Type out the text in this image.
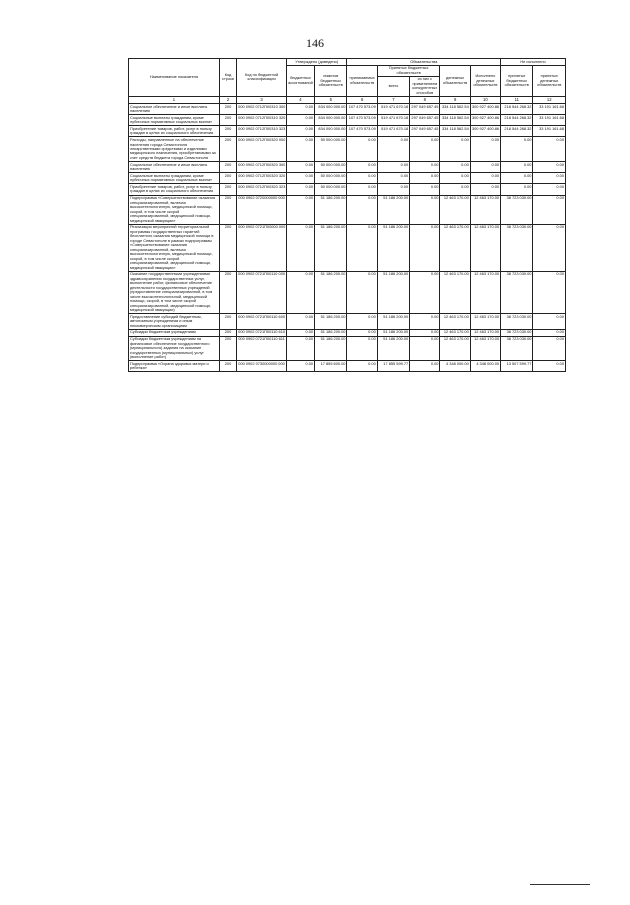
146
Наименование показателя	Код строки	Код по бюджетной классификации	Утверждено (доведено)		Обязательства					Не исполнено	
			бюджетных ассигнований	лимитов бюджетных обязательств	принимаемых обязательств	Принятых бюджетных обязательств		денежных обязательств	Исполнено денежных обязательств	принятых бюджетных обязательств	принятых денежных обязательств
						всего	из них с применением конкурентных способов				
1	2	3	4	5	6	7	8	9	10	11	12
Социальное обеспечение и иные выплаты населению	200	000 0902 0712П00310 300	0.00	834 000 000.00	107 470 573.09	519 471 670.18	297 049 657.45	334 118 562.54	300 927 400.86	218 544 268.32	33 191 161.68
Социальные выплаты гражданам, кроме публичных нормативных социальных выплат	200	000 0902 0712П00310 320	0.00	834 000 000.00	107 470 573.09	519 471 670.18	297 049 657.45	334 118 562.54	300 927 400.86	218 544 268.32	33 191 161.68
Приобретение товаров, работ, услуг в пользу граждан в целях их социального обеспечения	200	000 0902 0712П00310 323	0.00	834 000 000.00	107 470 573.09	519 471 670.18	297 049 657.45	334 118 562.54	300 927 400.86	218 544 268.32	33 191 161.68
Расходы, направленные на обеспечение населения города Севастополя лекарственными средствами и изделиями медицинского назначения, приобретаемыми за счет средств бюджета города Севастополя	200	000 0902 0712П00320 000	0.00	50 000 000.00	0.00	0.00	0.00	0.00	0.00	0.00	0.00
Социальное обеспечение и иные выплаты населению	200	000 0902 0712П00320 300	0.00	50 000 000.00	0.00	0.00	0.00	0.00	0.00	0.00	0.00
Социальные выплаты гражданам, кроме публичных нормативных социальных выплат	200	000 0902 0712П00320 320	0.00	50 000 000.00	0.00	0.00	0.00	0.00	0.00	0.00	0.00
Приобретение товаров, работ, услуг в пользу граждан в целях их социального обеспечения	200	000 0902 0712П00320 323	0.00	50 000 000.00	0.00	0.00	0.00	0.00	0.00	0.00	0.00
Подпрограмма «Совершенствование оказания специализированной, включая высокотехнологичную, медицинской помощи, скорой, в том числе скорой специализированной, медицинской помощи, медицинской эвакуации»	200	000 0902 0720000000 000	0.00	51 186 200.00	0.00	51 186 200.00	0.00	12 463 170.00	12 463 170.00	38 723 030.00	0.00
Реализация мероприятий территориальной программы государственных гарантий бесплатного оказания медицинской помощи в городе Севастополе в рамках подпрограммы «Совершенствование оказания специализированной, включая высокотехнологичную, медицинской помощи, скорой, в том числе скорой специализированной, медицинской помощи, медицинской эвакуации»	200	000 0902 0721П00000 000	0.00	51 186 200.00	0.00	51 186 200.00	0.00	12 463 170.00	12 463 170.00	38 723 030.00	0.00
Оказание государственными учреждениями здравоохранения государственных услуг, выполнение работ, финансовое обеспечение деятельности государственных учреждений (предоставление специализированной, в том числе высокотехнологичной, медицинской помощи, скорой, в том числе скорой специализированной, медицинской помощи, медицинской эвакуации)	200	000 0902 0721П00110 000	0.00	51 186 200.00	0.00	51 186 200.00	0.00	12 463 170.00	12 463 170.00	38 723 030.00	0.00
Предоставление субсидий бюджетным, автономным учреждениям и иным некоммерческим организациям	200	000 0902 0721П00110 600	0.00	51 186 200.00	0.00	51 186 200.00	0.00	12 463 170.00	12 463 170.00	38 723 030.00	0.00
Субсидии бюджетным учреждениям	200	000 0902 0721П00110 610	0.00	51 186 200.00	0.00	51 186 200.00	0.00	12 463 170.00	12 463 170.00	38 723 030.00	0.00
Субсидии бюджетным учреждениям на финансовое обеспечение государственного (муниципального) задания на оказание государственных (муниципальных) услуг (выполнение работ)	200	000 0902 0721П00110 611	0.00	51 186 200.00	0.00	51 186 200.00	0.00	12 463 170.00	12 463 170.00	38 723 030.00	0.00
Подпрограмма «Охрана здоровья матери и ребенка»	200	000 0902 0730000000 000	0.00	17 855 600.00	0.00	17 855 599.77	0.00	4 348 000.00	4 348 000.00	13 507 599.77	0.00
